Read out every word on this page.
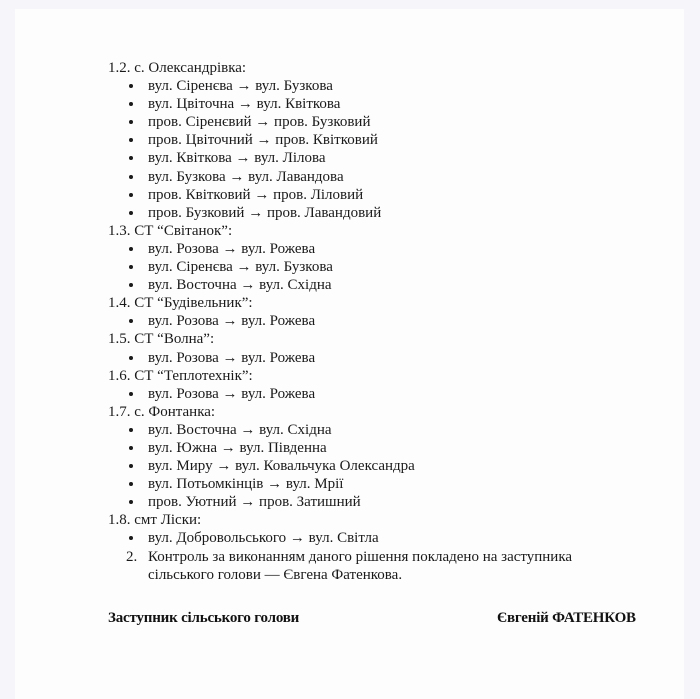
1.2. с. Олександрівка:
вул. Сіренєва → вул. Бузкова
вул. Цвіточна → вул. Квіткова
пров. Сіренєвий → пров. Бузковий
пров. Цвіточний → пров. Квітковий
вул. Квіткова → вул. Лілова
вул. Бузкова → вул. Лавандова
пров. Квітковий → пров. Ліловий
пров. Бузковий → пров. Лавандовий
1.3. СТ “Світанок”:
вул. Розова → вул. Рожева
вул. Сіренєва → вул. Бузкова
вул. Восточна → вул. Східна
1.4. СТ “Будівельник”:
вул. Розова → вул. Рожева
1.5. СТ “Волна”:
вул. Розова → вул. Рожева
1.6. СТ “Теплотехнік”:
вул. Розова → вул. Рожева
1.7. с. Фонтанка:
вул. Восточна → вул. Східна
вул. Южна → вул. Південна
вул. Миру → вул. Ковальчука Олександра
вул. Потьомкінців → вул. Мрії
пров. Уютний → пров. Затишний
1.8. смт Ліски:
вул. Добровольського → вул. Світла
2. Контроль за виконанням даного рішення покладено на заступника
сільського голови — Євгена Фатенкова.
Заступник сільського голови	Євгеній ФАТЕНКОВ
